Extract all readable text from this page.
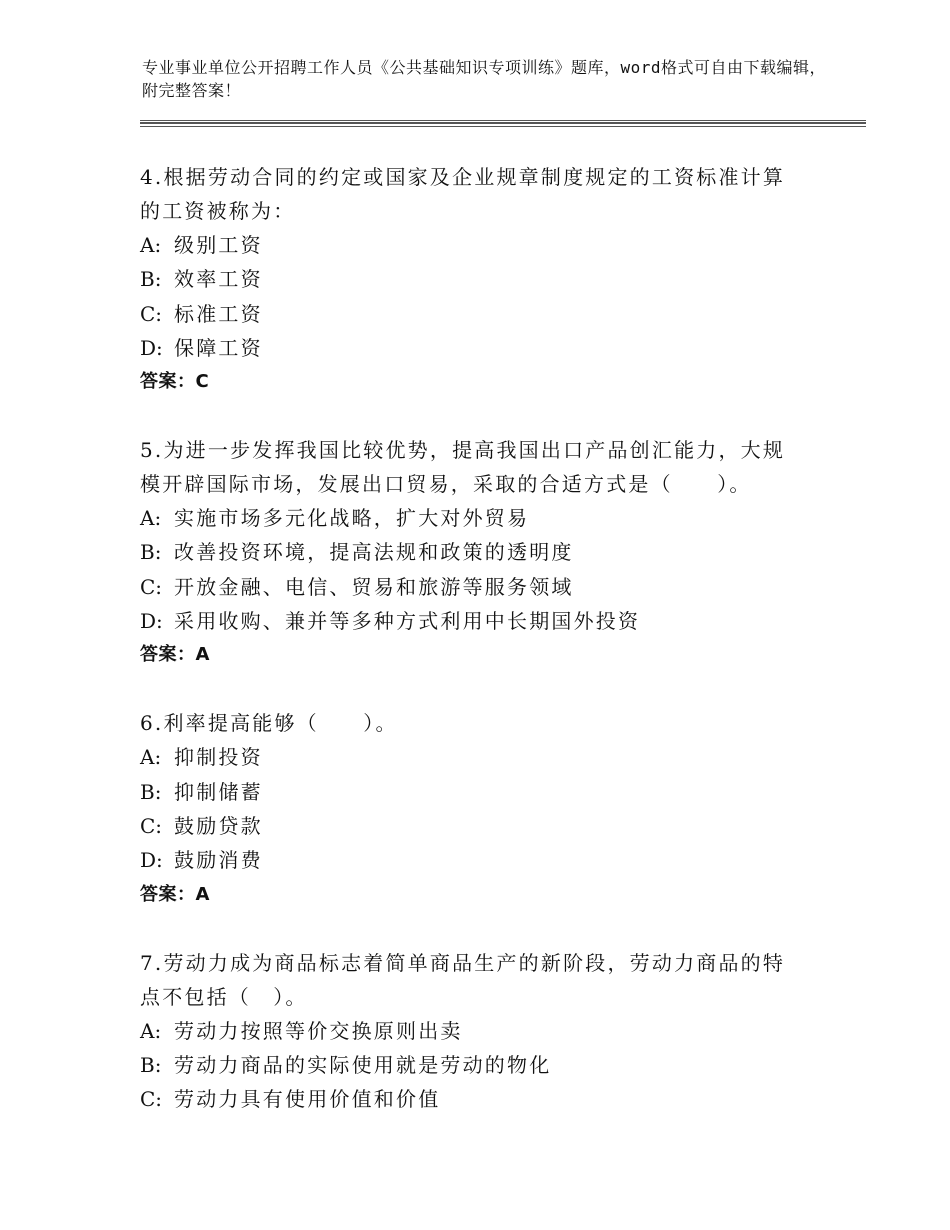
专业事业单位公开招聘工作人员《公共基础知识专项训练》题库，word格式可自由下载编辑，附完整答案！

4.根据劳动合同的约定或国家及企业规章制度规定的工资标准计算的工资被称为：

A: 级别工资

B: 效率工资

C: 标准工资

D: 保障工资

答案：C

5.为进一步发挥我国比较优势，提高我国出口产品创汇能力，大规模开辟国际市场，发展出口贸易，采取的合适方式是（　　）。

A: 实施市场多元化战略，扩大对外贸易

B: 改善投资环境，提高法规和政策的透明度

C: 开放金融、电信、贸易和旅游等服务领域

D: 采用收购、兼并等多种方式利用中长期国外投资

答案：A

6.利率提高能够（　　）。

A: 抑制投资

B: 抑制储蓄

C: 鼓励贷款

D: 鼓励消费

答案：A

7.劳动力成为商品标志着简单商品生产的新阶段，劳动力商品的特点不包括（　）。

A: 劳动力按照等价交换原则出卖

B: 劳动力商品的实际使用就是劳动的物化

C: 劳动力具有使用价值和价值
